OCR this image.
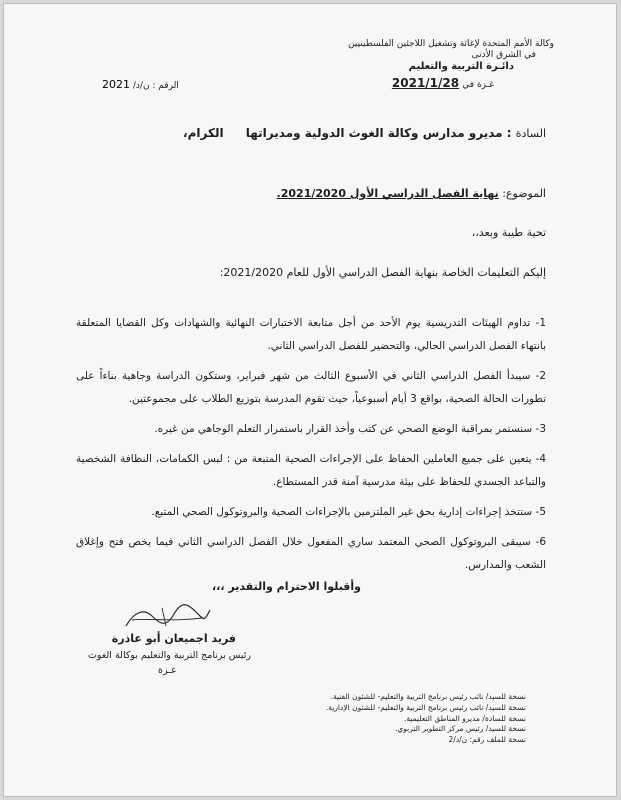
وكالة الأمم المتحدة لإغاثة وتشغيل اللاجئين الفلسطينيين
في الشرق الأدنى
دائـرة التربية والتعليم
غـزة في 2021/1/28
2021 الرقم : ن/د/
السادة : مديرو مدارس وكالة الغوث الدولية ومديراتها الكرام،
الموضوع: نهاية الفصل الدراسي الأول 2021/2020.
تحية طيبة وبعد،،
إليكم التعليمات الخاصة بنهاية الفصل الدراسي الأول للعام 2021/2020:
1- تداوم الهيئات التدريسية يوم الأحد من أجل متابعة الاختبارات النهائية والشهادات وكل القضايا المتعلقة بانتهاء الفصل الدراسي الحالي، والتحضير للفصل الدراسي الثاني.
2- سيبدأ الفصل الدراسي الثاني في الأسبوع الثالث من شهر فبراير، وستكون الدراسة وجاهية بناءاً على تطورات الحالة الصحية، بواقع 3 أيام أسبوعياً، حيث تقوم المدرسة بتوزيع الطلاب على مجموعتين.
3- سنستمر بمراقبة الوضع الصحي عن كثب وأخذ القرار باستمرار التعلم الوجاهي من غيره.
4- يتعين على جميع العاملين الحفاظ على الإجراءات الصحية المتبعة من : لبس الكمامات، النظافة الشخصية والتباعد الجسدي للحفاظ على بيئة مدرسية آمنة قدر المستطاع.
5- ستتخذ إجراءات إدارية بحق غير الملتزمين بالإجراءات الصحية والبروتوكول الصحي المتبع.
6- سيبقى البروتوكول الصحي المعتمد ساري المفعول خلال الفصل الدراسي الثاني فيما يخص فتح وإغلاق الشعب والمدارس.
وأقبلوا الاحترام والتقدير ،،،
فريد اجميعان أبو عاذرة
رئيس برنامج التربية والتعليم بوكالة الغوث
غـزة
نسخة للسيد/ نائب رئيس برنامج التربية والتعليم- للشئون الفنية.
نسخة للسيد/ نائب رئيس برنامج التربية والتعليم- للشئون الإدارية.
نسخة للسادة/ مديرو المناطق التعليمية.
نسخة للسيد/ رئيس مركز التطوير التربوي.
نسخة للملف رقم: ن/د/2
